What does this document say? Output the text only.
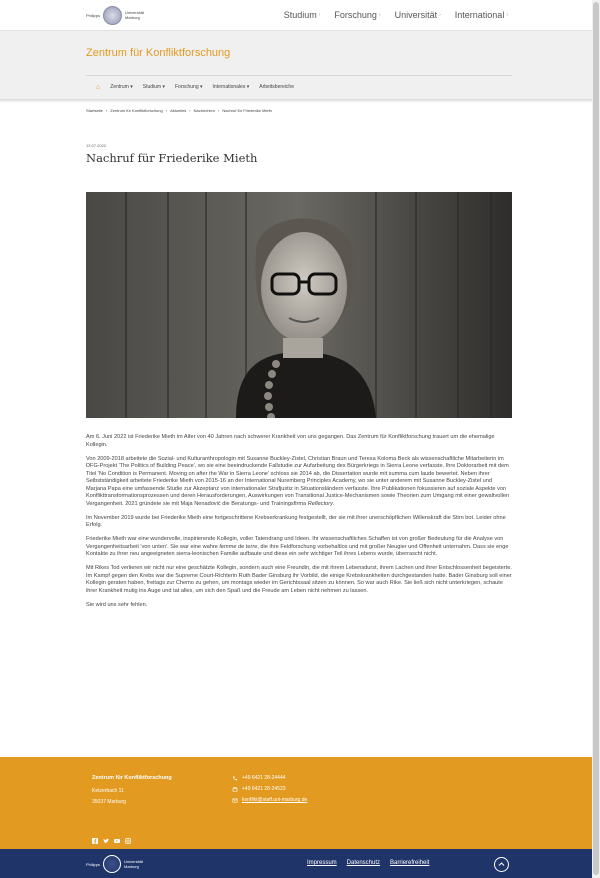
Philipps	Universität
Marburg	Studium › Forschung › Universität › International ›
Zentrum für Konfliktforschung
⌂ Zentrum ▾ Studium ▾ Forschung ▾ Internationales ▾ Arbeitsbereiche
Startseite › Zentrum für Konfliktforschung › Aktuelles › Nachrichten › Nachruf für Friederike Mieth
12.07.2022
Nachruf für Friederike Mieth

Am 6. Juni 2022 ist Friederike Mieth im Alter von 40 Jahren nach schwerer Krankheit von uns gegangen. Das Zentrum für Konfliktforschung trauert um die ehemalige Kollegin.

Von 2009-2018 arbeitete die Sozial- und Kulturanthropologin mit Susanne Buckley-Zistel, Christian Braun und Teresa Koloma Beck als wissenschaftliche Mitarbeiterin im DFG-Projekt 'The Politics of Building Peace', wo sie eine beeindruckende Fallstudie zur Aufarbeitung des Bürgerkriegs in Sierra Leone verfasste. Ihre Doktorarbeit mit dem Titel 'No Condition is Permanent. Moving on after the War in Sierra Leone' schloss sie 2014 ab, die Dissertation wurde mit summa cum laude bewertet. Neben ihrer Selbstständigkeit arbeitete Friederike Mieth von 2015-16 an der International Nuremberg Principles Academy, wo sie unter anderem mit Susanne Buckley-Zistel und Marjana Papa eine umfassende Studie zur Akzeptanz von internationaler Strafjustiz in Situationsländern verfasste. Ihre Publikationen fokussieren auf soziale Aspekte von Konflikttransformationsprozessen und deren Herausforderungen, Auswirkungen von Transitional Justice-Mechanismen sowie Theorien zum Umgang mit einer gewaltvollen Vergangenheit. 2021 gründete sie mit Maja Nenadović die Beratungs- und Trainingsfirma Reflectory.

Im November 2019 wurde bei Friederike Mieth eine fortgeschrittene Krebserkrankung festgestellt, der sie mit ihrer unerschöpflichen Willenskraft die Stirn bot. Leider ohne Erfolg.

Friederike Mieth war eine wundervolle, inspirierende Kollegin, voller Tatendrang und Ideen. Ihr wissenschaftliches Schaffen ist von großer Bedeutung für die Analyse von Vergangenheitsarbeit 'von unten'. Sie war eine wahre femme de terre, die ihre Feldforschung vorbehaltlos und mit großer Neugier und Offenheit unternahm. Dass sie enge Kontakte zu ihrer neu angeeigneten sierra-leonischen Familie aufbaute und diese ein sehr wichtiger Teil ihres Lebens wurde, überrascht nicht.

Mit Rikes Tod verlieren wir nicht nur eine geschätzte Kollegin, sondern auch eine Freundin, die mit ihrem Lebensdurst, ihrem Lachen und ihrer Entschlossenheit begeisterte. Im Kampf gegen den Krebs war die Supreme Court-Richterin Ruth Bader Ginsburg ihr Vorbild, die einige Krebskrankheiten durchgestanden hatte. Bader Ginsburg soll einer Kollegin geraten haben, freitags zur Chemo zu gehen, um montags wieder im Gerichtssaal sitzen zu können. So war auch Rike. Sie ließ sich nicht unterkriegen, schaute ihrer Krankheit mutig ins Auge und tat alles, um sich den Spaß und die Freude am Leben nicht nehmen zu lassen.

Sie wird uns sehr fehlen.

Zentrum für Konfliktforschung
Ketzerbach 11
35037 Marburg
+49 6421 28-24444
+49 6421 28-24523
konflikt@staff.uni-marburg.de
Philipps	Universität
Marburg
Impressum Datenschutz Barrierefreiheit
